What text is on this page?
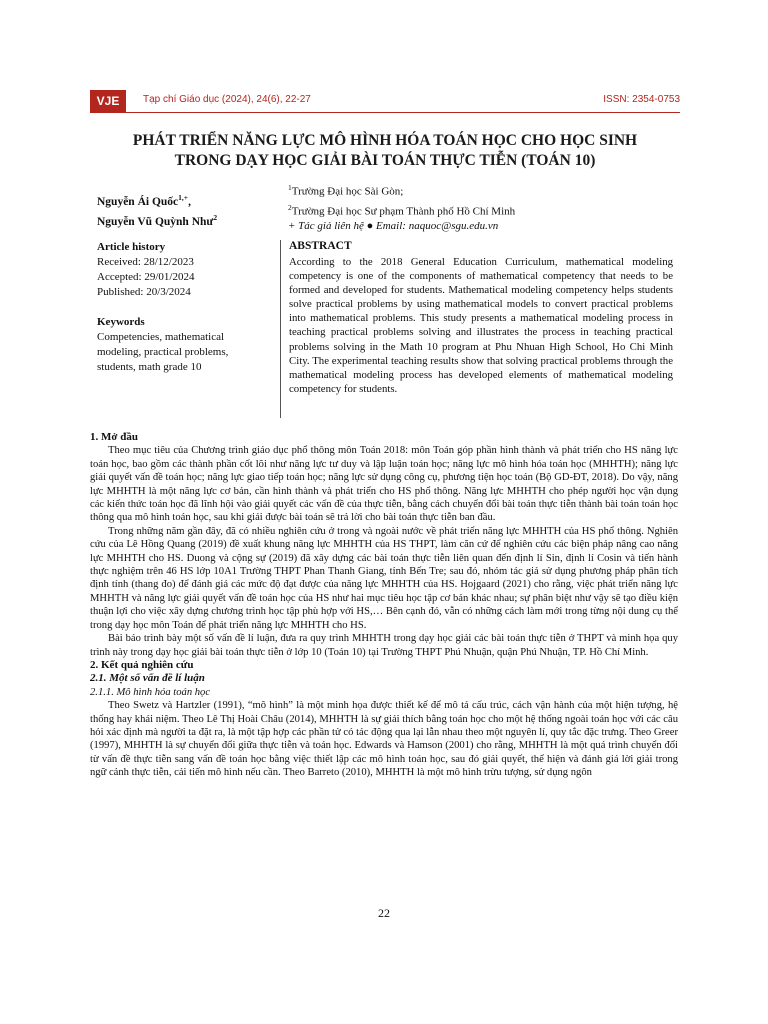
VJE	Tạp chí Giáo dục (2024), 24(6), 22-27	ISSN: 2354-0753
PHÁT TRIỂN NĂNG LỰC MÔ HÌNH HÓA TOÁN HỌC CHO HỌC SINH
TRONG DẠY HỌC GIẢI BÀI TOÁN THỰC TIỄN (TOÁN 10)
Nguyễn Ái Quốc$^{1,+}$,
Nguyễn Vũ Quỳnh Như$^2$
$^1$Trường Đại học Sài Gòn;
$^2$Trường Đại học Sư phạm Thành phố Hồ Chí Minh
+ Tác giả liên hệ ● Email: naquoc@sgu.edu.vn
Article history
Received: 28/12/2023
Accepted: 29/01/2024
Published: 20/3/2024
Keywords
Competencies, mathematical modeling, practical problems, students, math grade 10
ABSTRACT
According to the 2018 General Education Curriculum, mathematical modeling competency is one of the components of mathematical competency that needs to be formed and developed for students. Mathematical modeling competency helps students solve practical problems by using mathematical models to convert practical problems into mathematical problems. This study presents a mathematical modeling process in teaching practical problems solving and illustrates the process in teaching practical problems solving in the Math 10 program at Phu Nhuan High School, Ho Chi Minh City. The experimental teaching results show that solving practical problems through the mathematical modeling process has developed elements of mathematical modeling competency for students.
1. Mở đầu

Theo mục tiêu của Chương trình giáo dục phổ thông môn Toán 2018: môn Toán góp phần hình thành và phát triển cho HS năng lực toán học, bao gồm các thành phần cốt lõi như năng lực tư duy và lập luận toán học; năng lực mô hình hóa toán học (MHHTH); năng lực giải quyết vấn đề toán học; năng lực giao tiếp toán học; năng lực sử dụng công cụ, phương tiện học toán (Bộ GD-ĐT, 2018). Do vậy, năng lực MHHTH là một năng lực cơ bản, cần hình thành và phát triển cho HS phổ thông. Năng lực MHHTH cho phép người học vận dụng các kiến thức toán học đã lĩnh hội vào giải quyết các vấn đề của thực tiễn, bằng cách chuyển đổi bài toán thực tiễn thành bài toán toán học thông qua mô hình toán học, sau khi giải được bài toán sẽ trả lời cho bài toán thực tiễn ban đầu.

Trong những năm gần đây, đã có nhiều nghiên cứu ở trong và ngoài nước về phát triển năng lực MHHTH của HS phổ thông. Nghiên cứu của Lê Hồng Quang (2019) đề xuất khung năng lực MHHTH của HS THPT, làm căn cứ để nghiên cứu các biện pháp nâng cao năng lực MHHTH cho HS. Duong và cộng sự (2019) đã xây dựng các bài toán thực tiễn liên quan đến định lí Sin, định lí Cosin và tiến hành thực nghiệm trên 46 HS lớp 10A1 Trường THPT Phan Thanh Giang, tỉnh Bến Tre; sau đó, nhóm tác giả sử dụng phương pháp phân tích định tính (thang đo) để đánh giá các mức độ đạt được của năng lực MHHTH của HS. Hojgaard (2021) cho rằng, việc phát triển năng lực MHHTH và năng lực giải quyết vấn đề toán học của HS như hai mục tiêu học tập cơ bản khác nhau; sự phân biệt như vậy sẽ tạo điều kiện thuận lợi cho việc xây dựng chương trình học tập phù hợp với HS,… Bên cạnh đó, vẫn có những cách làm mới trong từng nội dung cụ thể trong dạy học môn Toán để phát triển năng lực MHHTH cho HS.

Bài báo trình bày một số vấn đề lí luận, đưa ra quy trình MHHTH trong dạy học giải các bài toán thực tiễn ở THPT và minh họa quy trình này trong dạy học giải bài toán thực tiễn ở lớp 10 (Toán 10) tại Trường THPT Phú Nhuận, quận Phú Nhuận, TP. Hồ Chí Minh.

2. Kết quả nghiên cứu
2.1. Một số vấn đề lí luận
2.1.1. Mô hình hóa toán học

Theo Swetz và Hartzler (1991), “mô hình” là một minh họa được thiết kế để mô tả cấu trúc, cách vận hành của một hiện tượng, hệ thống hay khái niệm. Theo Lê Thị Hoài Châu (2014), MHHTH là sự giải thích bằng toán học cho một hệ thống ngoài toán học với các câu hỏi xác định mà người ta đặt ra, là một tập hợp các phần tử có tác động qua lại lẫn nhau theo một nguyên lí, quy tắc đặc trưng. Theo Greer (1997), MHHTH là sự chuyển đổi giữa thực tiễn và toán học. Edwards và Hamson (2001) cho rằng, MHHTH là một quá trình chuyển đổi từ vấn đề thực tiễn sang vấn đề toán học bằng việc thiết lập các mô hình toán học, sau đó giải quyết, thể hiện và đánh giá lời giải trong ngữ cảnh thực tiễn, cải tiến mô hình nếu cần. Theo Barreto (2010), MHHTH là một mô hình trừu tượng, sử dụng ngôn

22
